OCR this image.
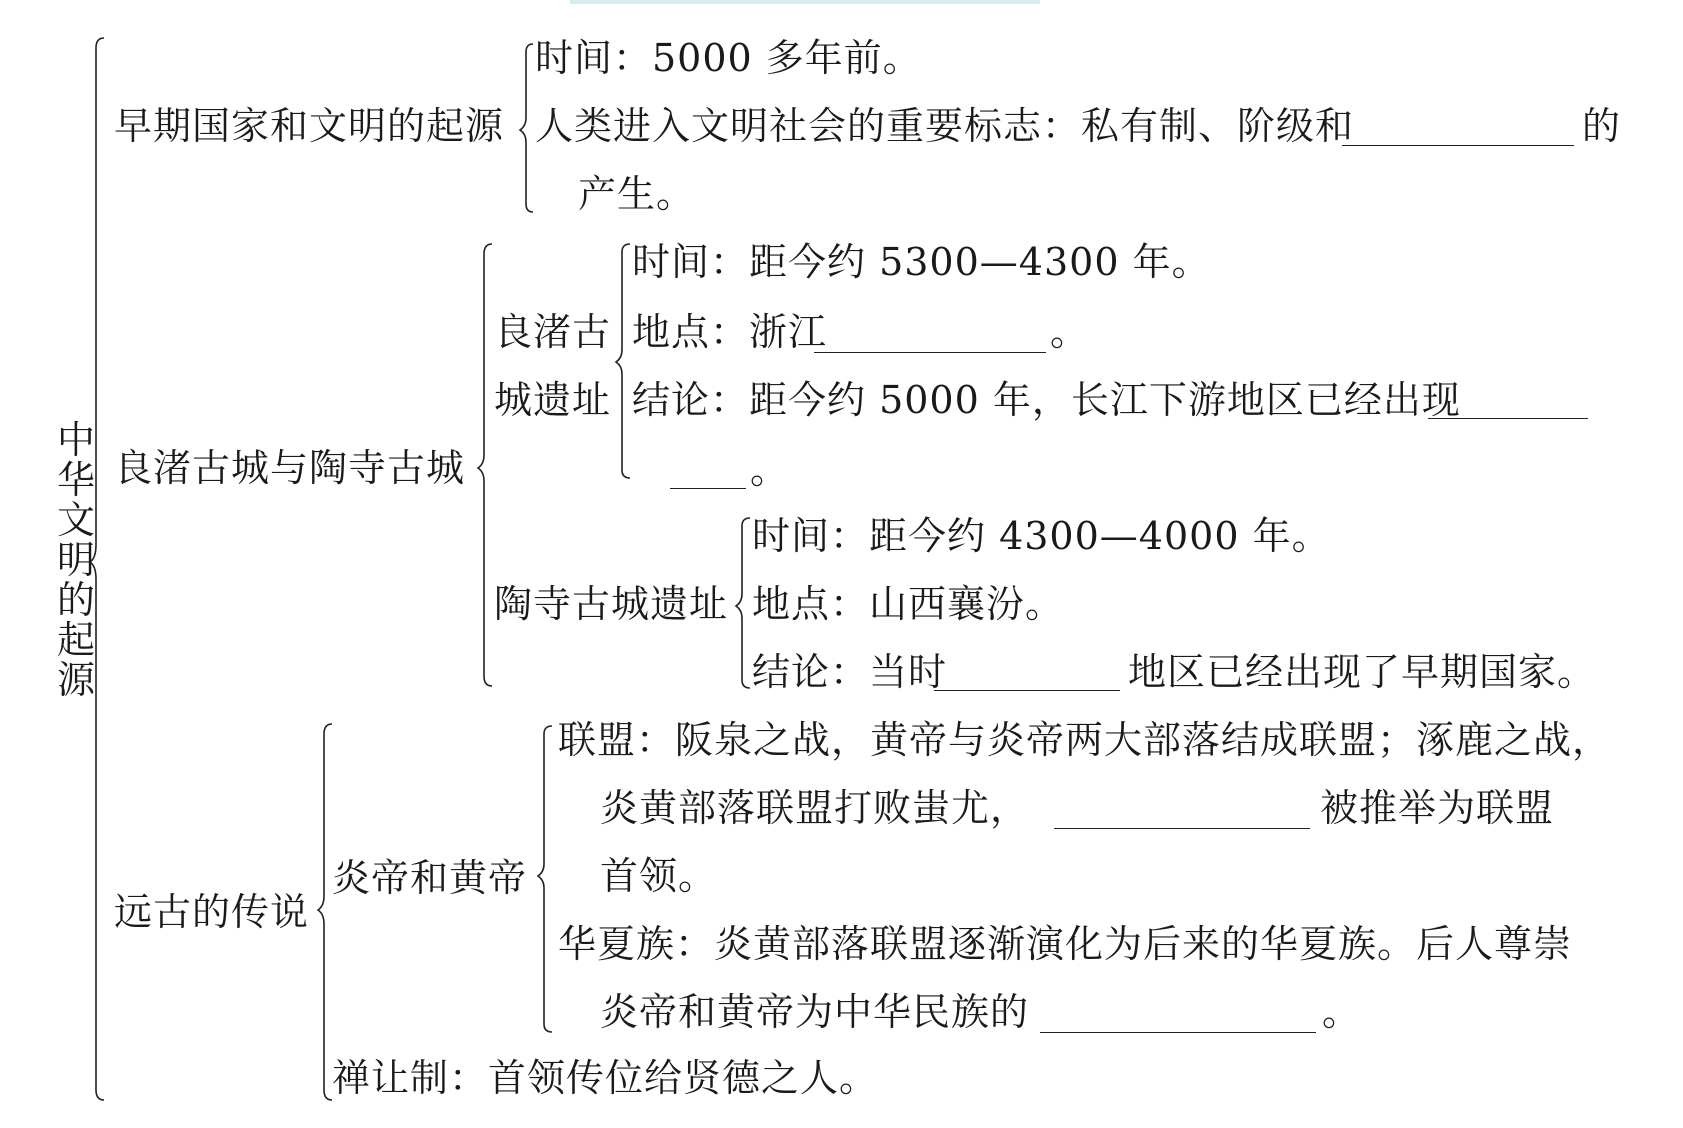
中华文明的起源
早期国家和文明的起源
时间：5000 多年前。
人类进入文明社会的重要标志：私有制、阶级和	的
产生。
良渚古城与陶寺古城
良渚古
城遗址
时间：距今约 5300—4300 年。
地点：浙江	。
结论：距今约 5000 年，长江下游地区已经出现
。
陶寺古城遗址
时间：距今约 4300—4000 年。
地点：山西襄汾。
结论：当时	地区已经出现了早期国家。
远古的传说
炎帝和黄帝
联盟：阪泉之战，黄帝与炎帝两大部落结成联盟；涿鹿之战，
炎黄部落联盟打败蚩尤，	被推举为联盟
首领。
华夏族：炎黄部落联盟逐渐演化为后来的华夏族。后人尊崇
炎帝和黄帝为中华民族的	。
禅让制：首领传位给贤德之人。
